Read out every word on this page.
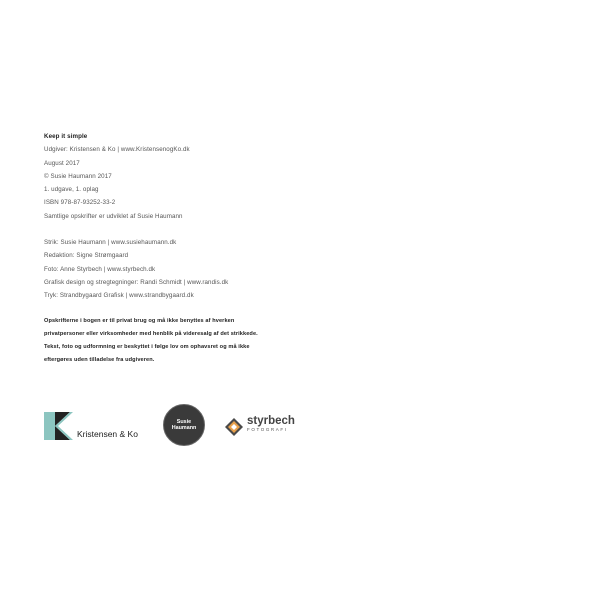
Keep it simple
Udgiver: Kristensen & Ko | www.KristensenogKo.dk
August 2017
© Susie Haumann 2017
1. udgave, 1. oplag
ISBN 978-87-93252-33-2
Samtlige opskrifter er udviklet af Susie Haumann
Strik: Susie Haumann | www.susiehaumann.dk
Redaktion: Signe Strømgaard
Foto: Anne Styrbech | www.styrbech.dk
Grafisk design og stregtegninger: Randi Schmidt | www.randis.dk
Tryk: Strandbygaard Grafisk | www.strandbygaard.dk
Opskrifterne i bogen er til privat brug og må ikke benyttes af hverken
privatpersoner eller virksomheder med henblik på videresalg af det strikkede.
Tekst, foto og udformning er beskyttet i følge lov om ophavsret og må ikke
eftergøres uden tilladelse fra udgiveren.
Kristensen & Ko
Susie
Haumann
styrbech
FOTOGRAFI
